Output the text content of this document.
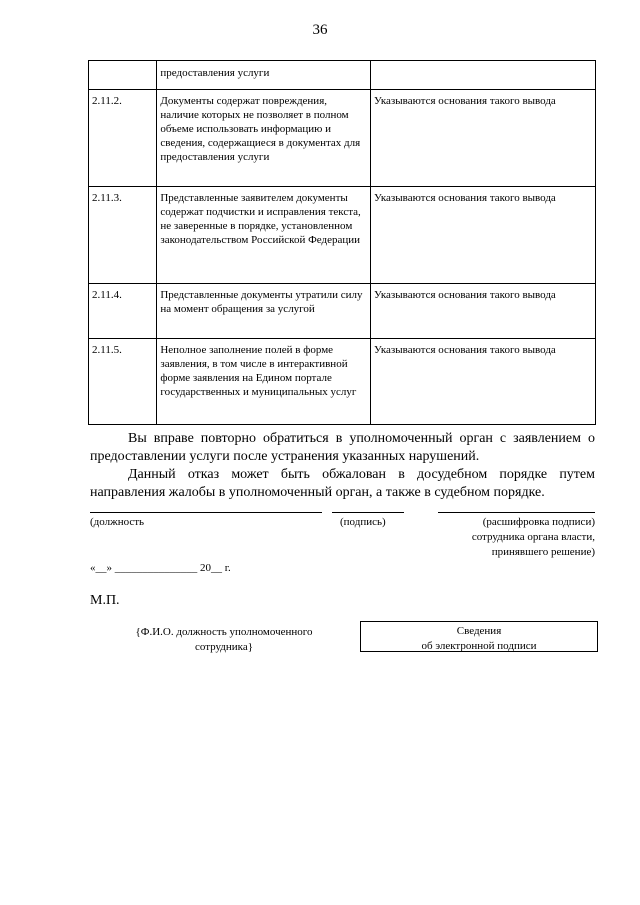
36
	предоставления услуги	
2.11.2.	Документы содержат повреждения, наличие которых не позволяет в полном объеме использовать информацию и сведения, содержащиеся в документах для предоставления услуги	Указываются основания такого вывода
2.11.3.	Представленные заявителем документы содержат подчистки и исправления текста, не заверенные в порядке, установленном законодательством Российской Федерации	Указываются основания такого вывода
2.11.4.	Представленные документы утратили силу на момент обращения за услугой	Указываются основания такого вывода
2.11.5.	Неполное заполнение полей в форме заявления, в том числе в интерактивной форме заявления на Едином портале государственных и муниципальных услуг	Указываются основания такого вывода
Вы вправе повторно обратиться в уполномоченный орган с заявлением о предоставлении услуги после устранения указанных нарушений.
Данный отказ может быть обжалован в досудебном порядке путем направления жалобы в уполномоченный орган, а также в судебном порядке.
(должность	(подпись)	(расшифровка подписи)
сотрудника органа власти,
принявшего решение)
«__» _______________ 20__ г.
М.П.
{Ф.И.О. должность уполномоченного
сотрудника}
Сведения
об электронной подписи
